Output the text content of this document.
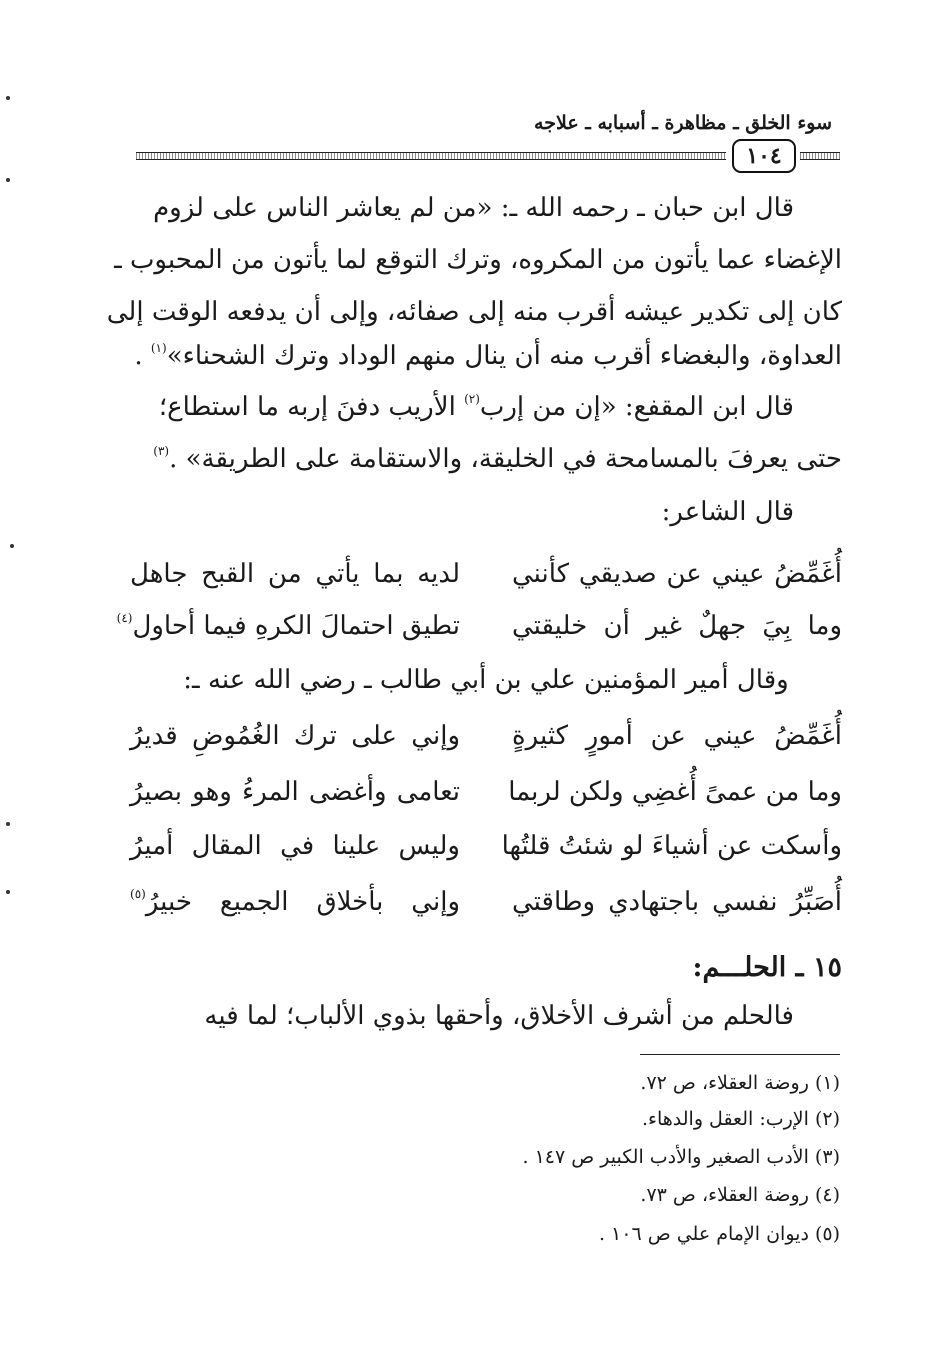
سوء الخلق ـ مظاهرة ـ أسبابه ـ علاجه
١٠٤
قال ابن حبان ـ رحمه الله ـ: «من لم يعاشر الناس على لزوم
الإغضاء عما يأتون من المكروه، وترك التوقع لما يأتون من المحبوب ـ
كان إلى تكدير عيشه أقرب منه إلى صفائه، وإلى أن يدفعه الوقت إلى
العداوة، والبغضاء أقرب منه أن ينال منهم الوداد وترك الشحناء»$^{(١)}$ .
قال ابن المقفع: «إن من إرب$^{(٢)}$ الأريب دفنَ إربه ما استطاع؛
حتى يعرفَ بالمسامحة في الخليقة، والاستقامة على الطريقة» .$^{(٣)}$
قال الشاعر:
أُغَمِّضُ عيني عن صديقي كأنني
لديه بما يأتي من القبح جاهل
وما بِيَ جهلٌ غير أن خليقتي
تطيق احتمالَ الكرهِ فيما أحاول$^{(٤)}$
وقال أمير المؤمنين علي بن أبي طالب ـ رضي الله عنه ـ:
أُغَمِّضُ عيني عن أمورٍ كثيرةٍ
وإني على ترك الغُمُوضِ قديرُ
وما من عمىً أُغضِي ولكن لربما
تعامى وأغضى المرءُ وهو بصيرُ
وأسكت عن أشياءَ لو شئتُ قلتُها
وليس علينا في المقال أميرُ
أُصَبِّرُ نفسي باجتهادي وطاقتي
وإني بأخلاق الجميع خبيرُ$^{(٥)}$
١٥ ـ الحلـــم:
فالحلم من أشرف الأخلاق، وأحقها بذوي الألباب؛ لما فيه
(١) روضة العقلاء، ص ٧٢.
(٢) الإرب: العقل والدهاء.
(٣) الأدب الصغير والأدب الكبير ص ١٤٧ .
(٤) روضة العقلاء، ص ٧٣.
(٥) ديوان الإمام علي ص ١٠٦ .
